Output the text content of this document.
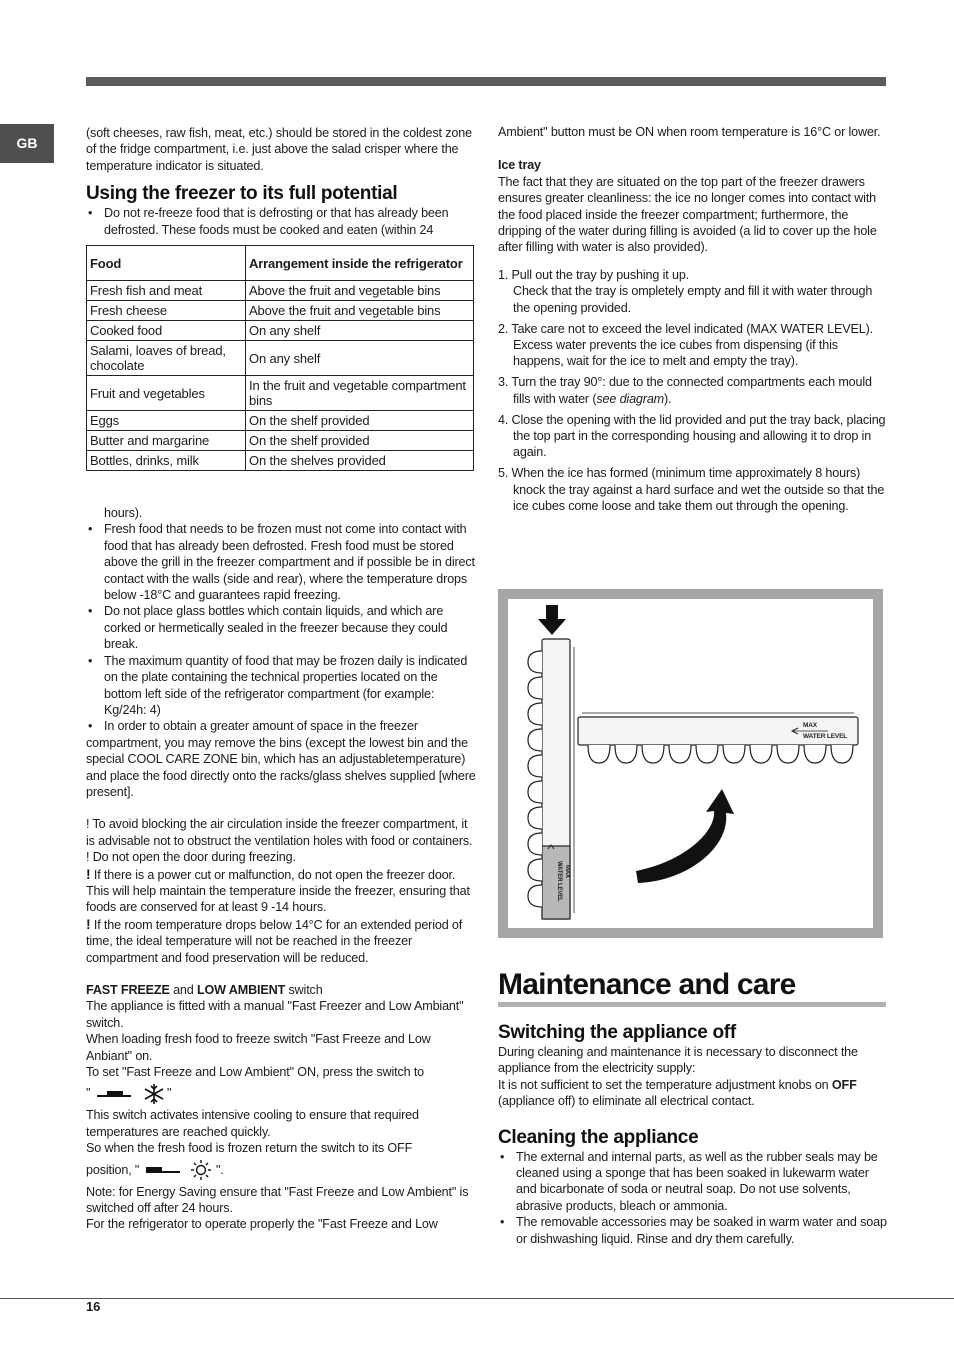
GB

(soft cheeses, raw fish, meat, etc.) should be stored in the coldest zone of the fridge compartment, i.e. just above the salad crisper where the temperature indicator is situated.

Using the freezer to its full potential
• Do not re-freeze food that is defrosting or that has already been defrosted. These foods must be cooked and eaten (within 24
Food	Arrangement inside the refrigerator
Fresh fish and meat	Above the fruit and vegetable bins
Fresh cheese	Above the fruit and vegetable bins
Cooked food	On any shelf
Salami, loaves of bread, chocolate	On any shelf
Fruit and vegetables	In the fruit and vegetable compartment bins
Eggs	On the shelf provided
Butter and margarine	On the shelf provided
Bottles, drinks, milk	On the shelves provided

hours).

• Fresh food that needs to be frozen must not come into contact with food that has already been defrosted. Fresh food must be stored above the grill in the freezer compartment and if possible be in direct contact with the walls (side and rear), where the temperature drops below -18°C and guarantees rapid freezing.
• Do not place glass bottles which contain liquids, and which are corked or hermetically sealed in the freezer because they could break.
• The maximum quantity of food that may be frozen daily is indicated on the plate containing the technical properties located on the bottom left side of the refrigerator compartment (for example: Kg/24h: 4)
• In order to obtain a greater amount of space in the freezer

compartment, you may remove the bins (except the lowest bin and the special COOL CARE ZONE bin, which has an adjustabletemperature) and place the food directly onto the racks/glass shelves supplied [where present].

! To avoid blocking the air circulation inside the freezer compartment, it is advisable not to obstruct the ventilation holes with food or containers.

! Do not open the door during freezing.

! If there is a power cut or malfunction, do not open the freezer door. This will help maintain the temperature inside the freezer, ensuring that foods are conserved for at least 9 -14 hours.

! If the room temperature drops below 14°C for an extended period of time, the ideal temperature will not be reached in the freezer compartment and food preservation will be reduced.

FAST FREEZE and LOW AMBIENT switch

The appliance is fitted with a manual "Fast Freezer and Low Ambiant" switch.

When loading fresh food to freeze switch "Fast Freeze and Low Anbiant" on.

To set "Fast Freeze and Low Ambient" ON, press the switch to

"	"

This switch activates intensive cooling to ensure that required temperatures are reached quickly.

So when the fresh food is frozen return the switch to its OFF

position, "	".

Note: for Energy Saving ensure that "Fast Freeze and Low Ambient" is switched off after 24 hours.

For the refrigerator to operate properly the "Fast Freeze and Low

Ambient" button must be ON when room temperature is 16°C or lower.

Ice tray

The fact that they are situated on the top part of the freezer drawers ensures greater cleanliness: the ice no longer comes into contact with the food placed inside the freezer compartment; furthermore, the dripping of the water during filling is avoided (a lid to cover up the hole after filling with water is also provided).

1. Pull out the tray by pushing it up.

Check that the tray is ompletely empty and fill it with water through the opening provided.
2. Take care not to exceed the level indicated (MAX WATER LEVEL). Excess water prevents the ice cubes from dispensing (if this happens, wait for the ice to melt and empty the tray).
3. Turn the tray 90°: due to the connected compartments each mould fills with water (see diagram).
4. Close the opening with the lid provided and put the tray back, placing the top part in the corresponding housing and allowing it to drop in again.
5. When the ice has formed (minimum time approximately 8 hours) knock the tray against a hard surface and wet the outside so that the ice cubes come loose and take them out through the opening.
MAX
WATER LEVEL
MAX
WATER LEVEL
Maintenance and care
Switching the appliance off

During cleaning and maintenance it is necessary to disconnect the appliance from the electricity supply:

It is not sufficient to set the temperature adjustment knobs on OFF (appliance off) to eliminate all electrical contact.

Cleaning the appliance
• The external and internal parts, as well as the rubber seals may be cleaned using a sponge that has been soaked in lukewarm water and bicarbonate of soda or neutral soap. Do not use solvents, abrasive products, bleach or ammonia.
• The removable accessories may be soaked in warm water and soap or dishwashing liquid. Rinse and dry them carefully.
16
